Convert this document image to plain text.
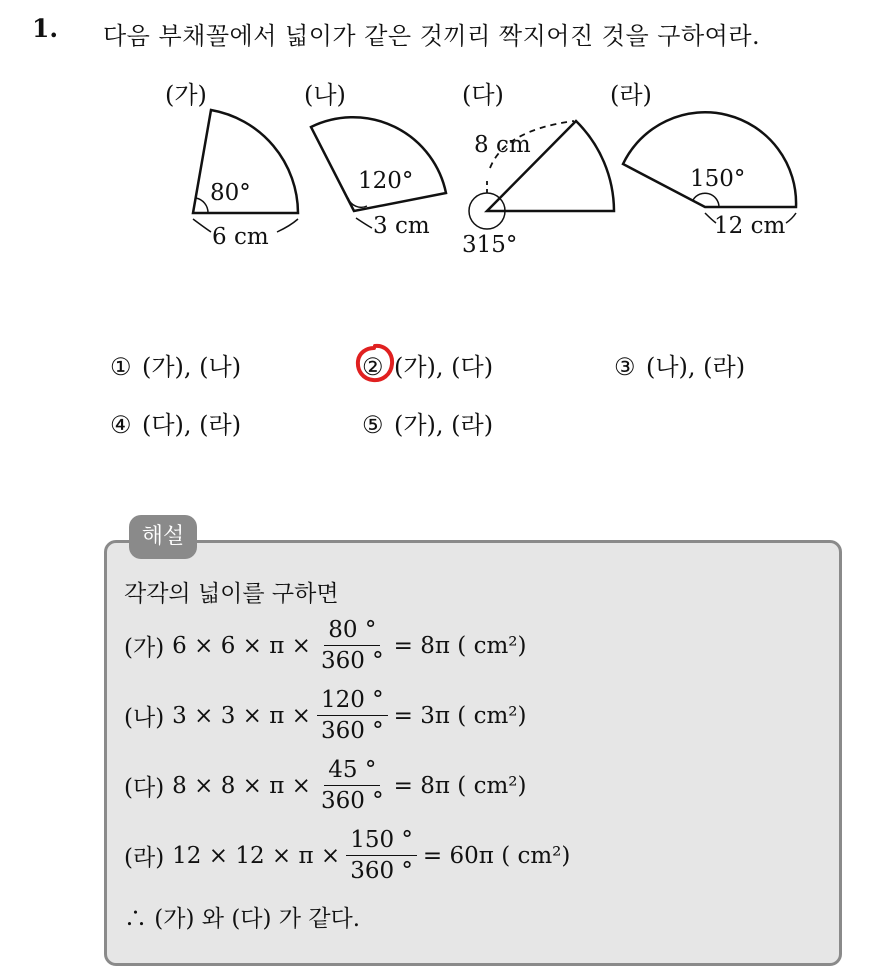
1. 다음 부채꼴에서 넓이가 같은 것끼리 짝지어진 것을 구하여라.
(가)
80°
6 cm
(나)
120°
3 cm
(다)
8 cm
315°
(라)
150°
12 cm
① (가), (나)	② (가), (다)	③ (나), (라)
④ (다), (라)	⑤ (가), (라)
해설
각각의 넓이를 구하면
(가) $6 \times 6 \times \pi \times \frac{80 ^\circ}{360 ^\circ} = 8\pi$ ( cm²)
(나) $3 \times 3 \times \pi \times \frac{120 ^\circ}{360 ^\circ} = 3\pi$ ( cm²)
(다) $8 \times 8 \times \pi \times \frac{45 ^\circ}{360 ^\circ} = 8\pi$ ( cm²)
(라) $12 \times 12 \times \pi \times \frac{150 ^\circ}{360 ^\circ} = 60\pi$ ( cm²)
∴ (가) 와 (다) 가 같다.
